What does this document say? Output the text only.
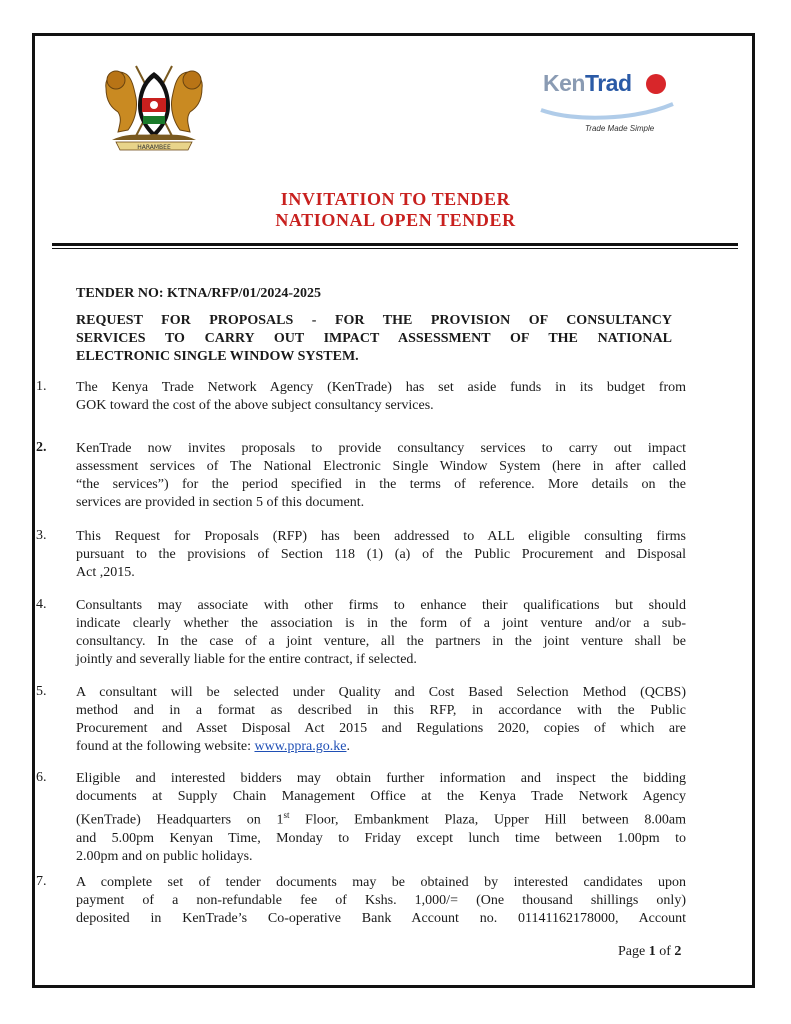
HARAMBEE
KenTrade
Trade Made Simple
INVITATION TO TENDER
NATIONAL OPEN TENDER
TENDER NO: KTNA/RFP/01/2024-2025
REQUEST FOR PROPOSALS - FOR THE PROVISION OF CONSULTANCY
SERVICES TO CARRY OUT IMPACT ASSESSMENT OF THE NATIONAL
ELECTRONIC SINGLE WINDOW SYSTEM.
1. The Kenya Trade Network Agency (KenTrade) has set aside funds in its budget from
GOK toward the cost of the above subject consultancy services.
2. KenTrade now invites proposals to provide consultancy services to carry out impact
assessment services of The National Electronic Single Window System (here in after called
“the services”) for the period specified in the terms of reference. More details on the
services are provided in section 5 of this document.
3. This Request for Proposals (RFP) has been addressed to ALL eligible consulting firms
pursuant to the provisions of Section 118 (1) (a) of the Public Procurement and Disposal
Act ,2015.
4. Consultants may associate with other firms to enhance their qualifications but should
indicate clearly whether the association is in the form of a joint venture and/or a sub-
consultancy. In the case of a joint venture, all the partners in the joint venture shall be
jointly and severally liable for the entire contract, if selected.
5. A consultant will be selected under Quality and Cost Based Selection Method (QCBS)
method and in a format as described in this RFP, in accordance with the Public
Procurement and Asset Disposal Act 2015 and Regulations 2020, copies of which are
found at the following website: www.ppra.go.ke.
6. Eligible and interested bidders may obtain further information and inspect the bidding
documents at Supply Chain Management Office at the Kenya Trade Network Agency
(KenTrade) Headquarters on 1st Floor, Embankment Plaza, Upper Hill between 8.00am
and 5.00pm Kenyan Time, Monday to Friday except lunch time between 1.00pm to
2.00pm and on public holidays.
7. A complete set of tender documents may be obtained by interested candidates upon
payment of a non-refundable fee of Kshs. 1,000/= (One thousand shillings only)
deposited in KenTrade’s Co-operative Bank Account no. 01141162178000, Account
Page 1 of 2
